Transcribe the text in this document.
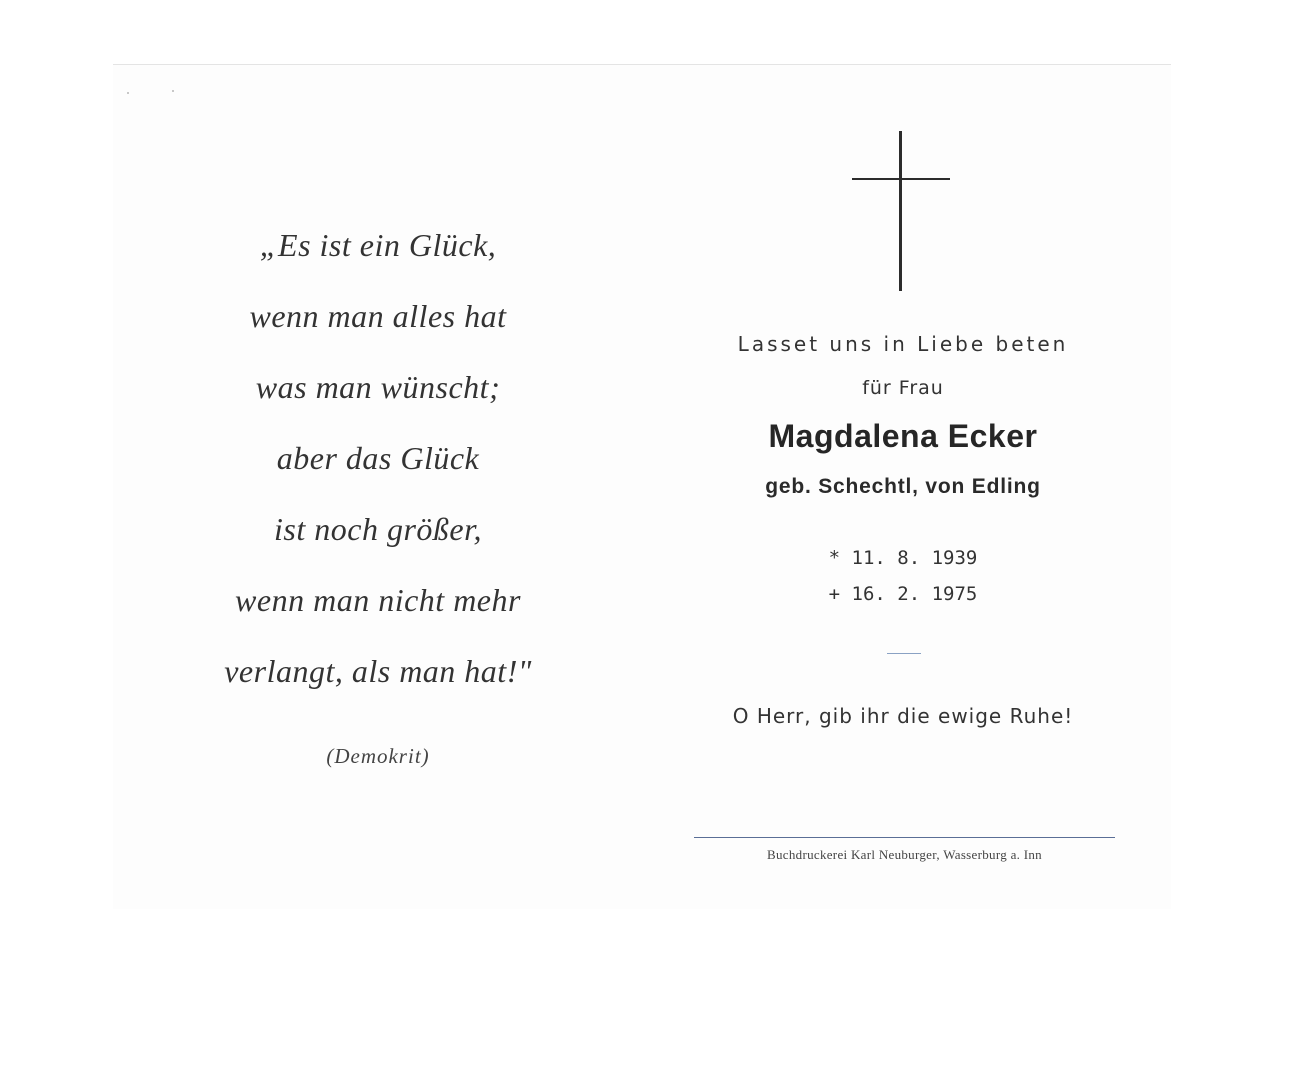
„Es ist ein Glück,
wenn man alles hat
was man wünscht;
aber das Glück
ist noch größer,
wenn man nicht mehr
verlangt, als man hat!"
(Demokrit)
Lasset uns in Liebe beten
für Frau
Magdalena Ecker
geb. Schechtl, von Edling
* 11. 8. 1939
+ 16. 2. 1975
O Herr, gib ihr die ewige Ruhe!
Buchdruckerei Karl Neuburger, Wasserburg a. Inn
